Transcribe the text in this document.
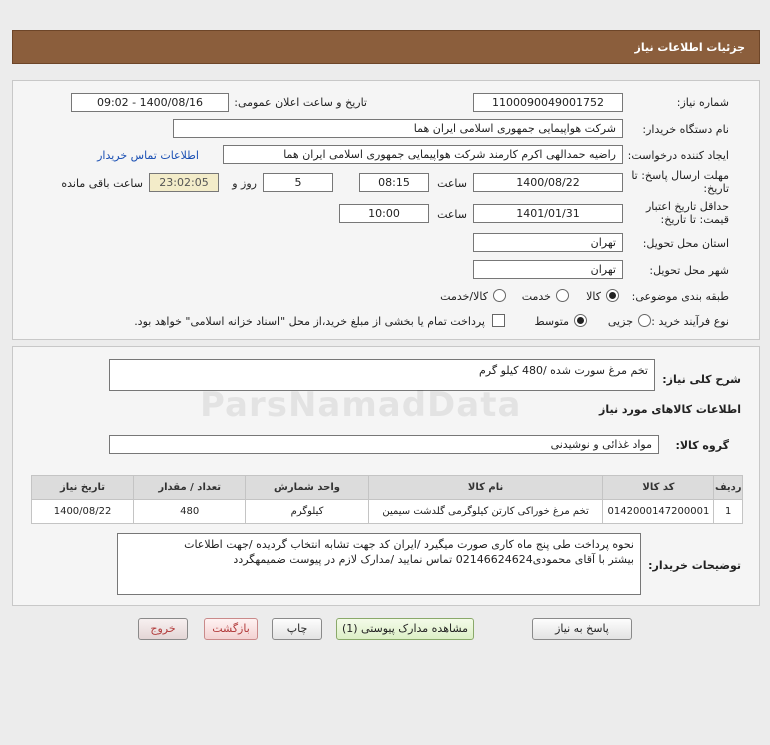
جزئیات اطلاعات نیاز
شماره نیاز:
1100090049001752
تاریخ و ساعت اعلان عمومی:
1400/08/16 - 09:02
نام دستگاه خریدار:
شرکت هواپیمایی جمهوری اسلامی ایران هما
ایجاد کننده درخواست:
راضیه حمدالهی اکرم کارمند شرکت هواپیمایی جمهوری اسلامی ایران هما
اطلاعات تماس خریدار
مهلت ارسال پاسخ: تا
تاریخ:
1400/08/22
ساعت
08:15
5
روز و
23:02:05
ساعت باقی مانده
حداقل تاریخ اعتبار
قیمت: تا تاریخ:
1401/01/31
ساعت
10:00
استان محل تحویل:
تهران
شهر محل تحویل:
تهران
طبقه بندی موضوعی:
کالا
خدمت
کالا/خدمت
نوع فرآیند خرید :
جزیی
متوسط
پرداخت تمام یا بخشی از مبلغ خرید،از محل "اسناد خزانه اسلامی" خواهد بود.
شرح کلی نیاز:
تخم مرغ سورت شده /480 کیلو گرم
اطلاعات کالاهای مورد نیاز
گروه کالا:
مواد غذائی و نوشیدنی
ردیف	کد کالا	نام کالا	واحد شمارش	تعداد / مقدار	تاریخ نیاز
1	0142000147200001	تخم مرغ خوراکی کارتن کیلوگرمی گلدشت سیمین	کیلوگرم	480	1400/08/22
توضیحات خریدار:
نحوه پرداخت طی پنج ماه کاری صورت میگیرد /ایران کد جهت تشابه انتخاب گردیده /جهت اطلاعات
بیشتر با آقای محمودی02146624624 تماس نمایید /مدارک لازم در پیوست ضمیمهگردد
پاسخ به نیاز
مشاهده مدارک پیوستی (1)
چاپ
بازگشت
خروج
